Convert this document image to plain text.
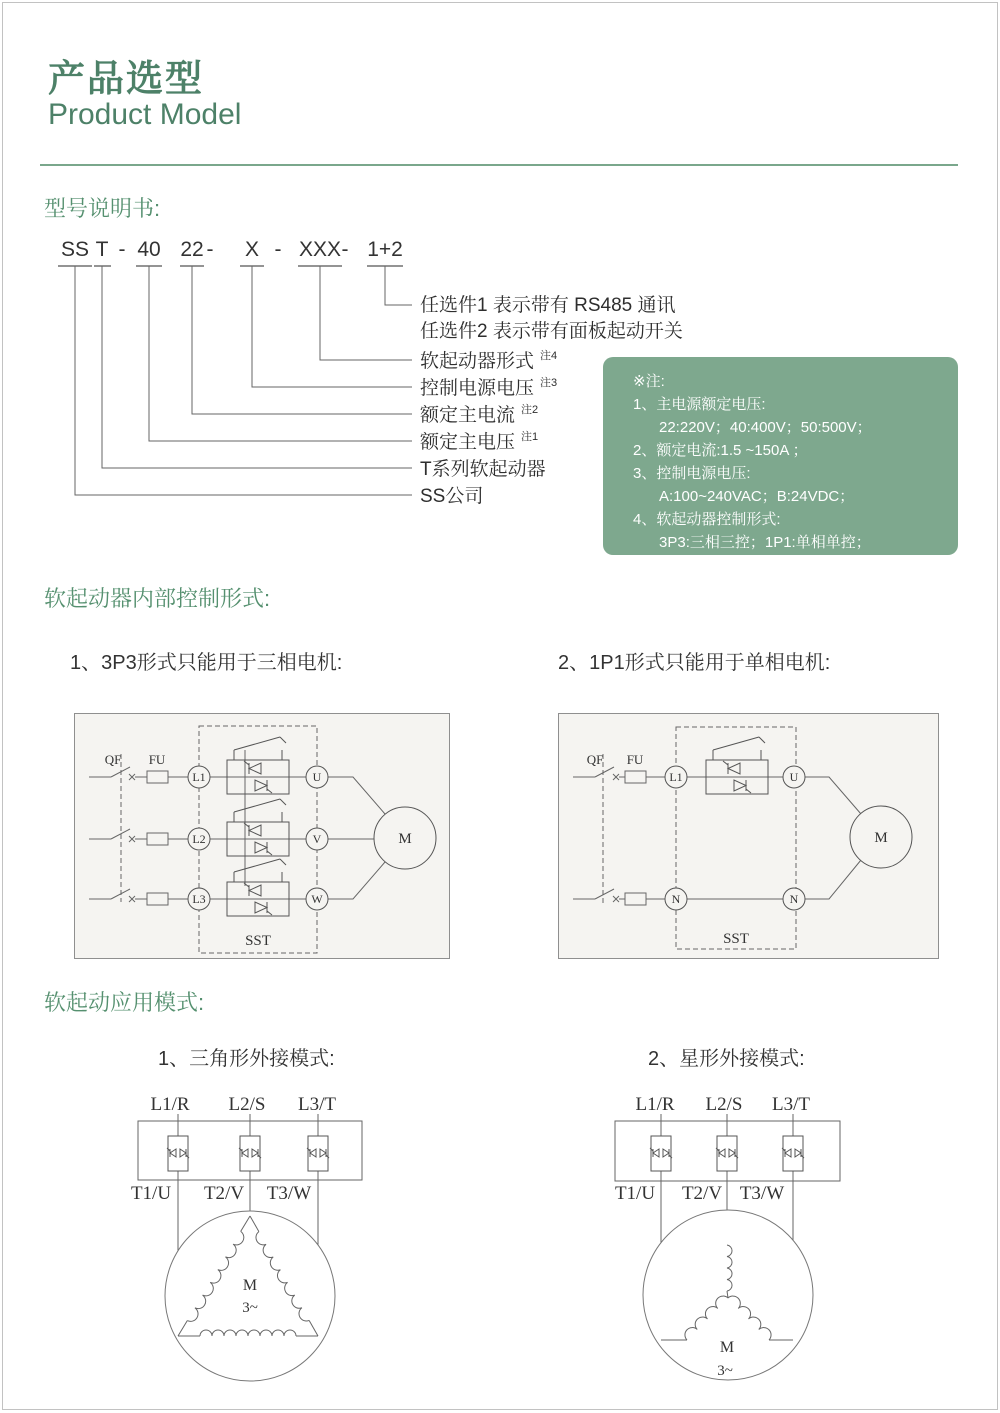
产品选型
Product Model
型号说明书:
SS T - 40 22 - X - XXX - 1+2
任选件1 表示带有 RS485 通讯
任选件2 表示带有面板起动开关
软起动器形式 注4
控制电源电压 注3
额定主电流 注2
额定主电压 注1
T系列软起动器
SS公司
※注:
1、主电源额定电压:
22:220V；40:400V；50:500V；
2、额定电流:1.5 ~150A ；
3、控制电源电压:
A:100~240VAC；B:24VDC；
4、软起动器控制形式:
3P3:三相三控；1P1:单相单控；
软起动器内部控制形式:
1、3P3形式只能用于三相电机:	2、1P1形式只能用于单相电机:
QF FU
L1
L2
L3
U
V
W
SST
M
QF FU
L1
N
U
N
SST
M
软起动应用模式:
1、三角形外接模式:	2、星形外接模式:
L1/R L2/S L3/T
T1/U T2/V T3/W
M
3~
L1/R L2/S L3/T
T1/U T2/V T3/W
M
3~
